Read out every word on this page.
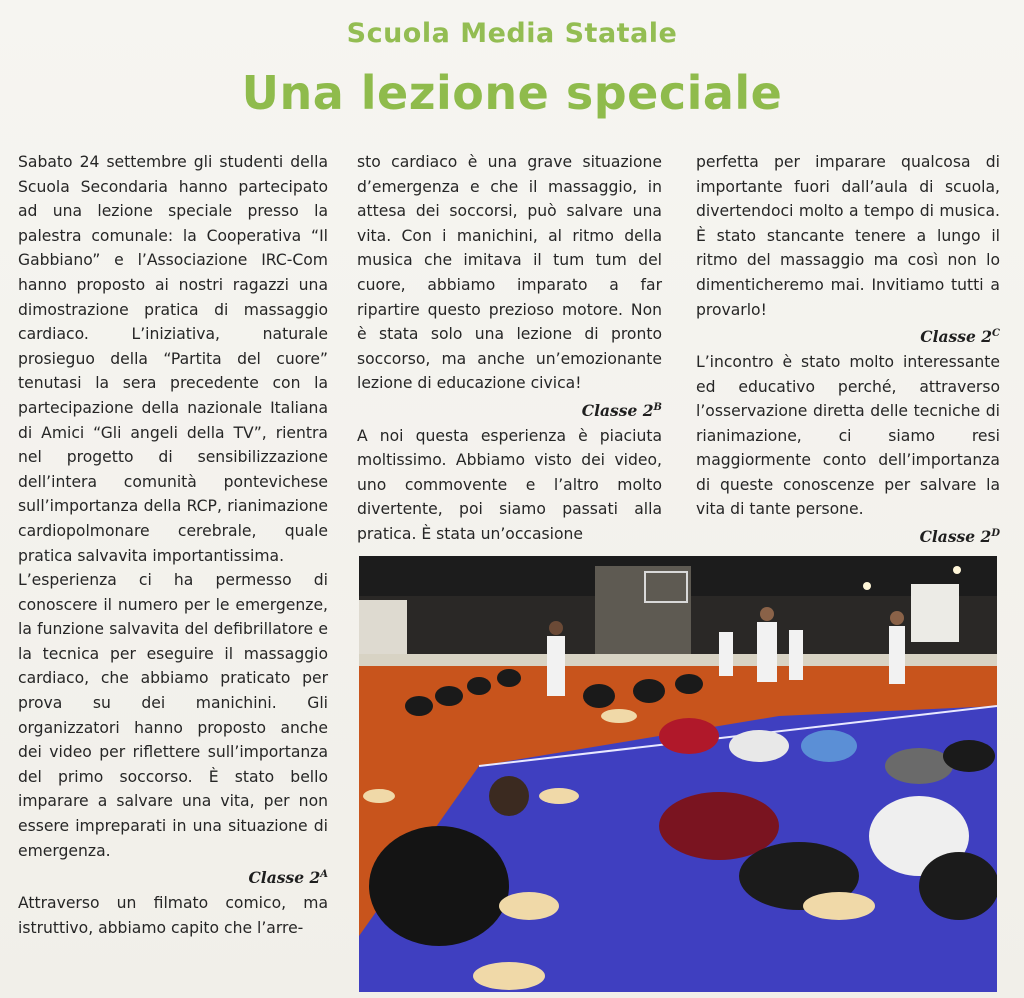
Scuola Media Statale
Una lezione speciale

Sabato 24 settembre gli studenti della Scuola Secondaria hanno partecipato ad una lezione speciale presso la palestra comunale: la Cooperativa “Il Gabbiano” e l’Associazione IRC-Com hanno proposto ai nostri ragazzi una dimostrazione pratica di massaggio cardiaco. L’iniziativa, naturale prosieguo della “Partita del cuore” tenutasi la sera precedente con la partecipazione della nazionale Italiana di Amici “Gli angeli della TV”, rientra nel progetto di sensibilizzazione dell’intera comunità pontevichese sull’importanza della RCP, rianimazione cardiopolmonare cerebrale, quale pratica salvavita importantissima.

L’esperienza ci ha permesso di conoscere il numero per le emergenze, la funzione salvavita del defibrillatore e la tecnica per eseguire il massaggio cardiaco, che abbiamo praticato per prova su dei manichini. Gli organizzatori hanno proposto anche dei video per riflettere sull’importanza del primo soccorso. È stato bello imparare a salvare una vita, per non essere impreparati in una situazione di emergenza.

Classe $2^A$

Attraverso un filmato comico, ma istruttivo, abbiamo capito che l’arre-

sto cardiaco è una grave situazione d’emergenza e che il massaggio, in attesa dei soccorsi, può salvare una vita. Con i manichini, al ritmo della musica che imitava il tum tum del cuore, abbiamo imparato a far ripartire questo prezioso motore. Non è stata solo una lezione di pronto soccorso, ma anche un’emozionante lezione di educazione civica!

Classe $2^B$

A noi questa esperienza è piaciuta moltissimo. Abbiamo visto dei video, uno commovente e l’altro molto divertente, poi siamo passati alla pratica. È stata un’occasione

perfetta per imparare qualcosa di importante fuori dall’aula di scuola, divertendoci molto a tempo di musica. È stato stancante tenere a lungo il ritmo del massaggio ma così non lo dimenticheremo mai. Invitiamo tutti a provarlo!

Classe $2^C$

L’incontro è stato molto interessante ed educativo perché, attraverso l’osservazione diretta delle tecniche di rianimazione, ci siamo resi maggiormente conto dell’importanza di queste conoscenze per salvare la vita di tante persone.

Classe $2^D$
